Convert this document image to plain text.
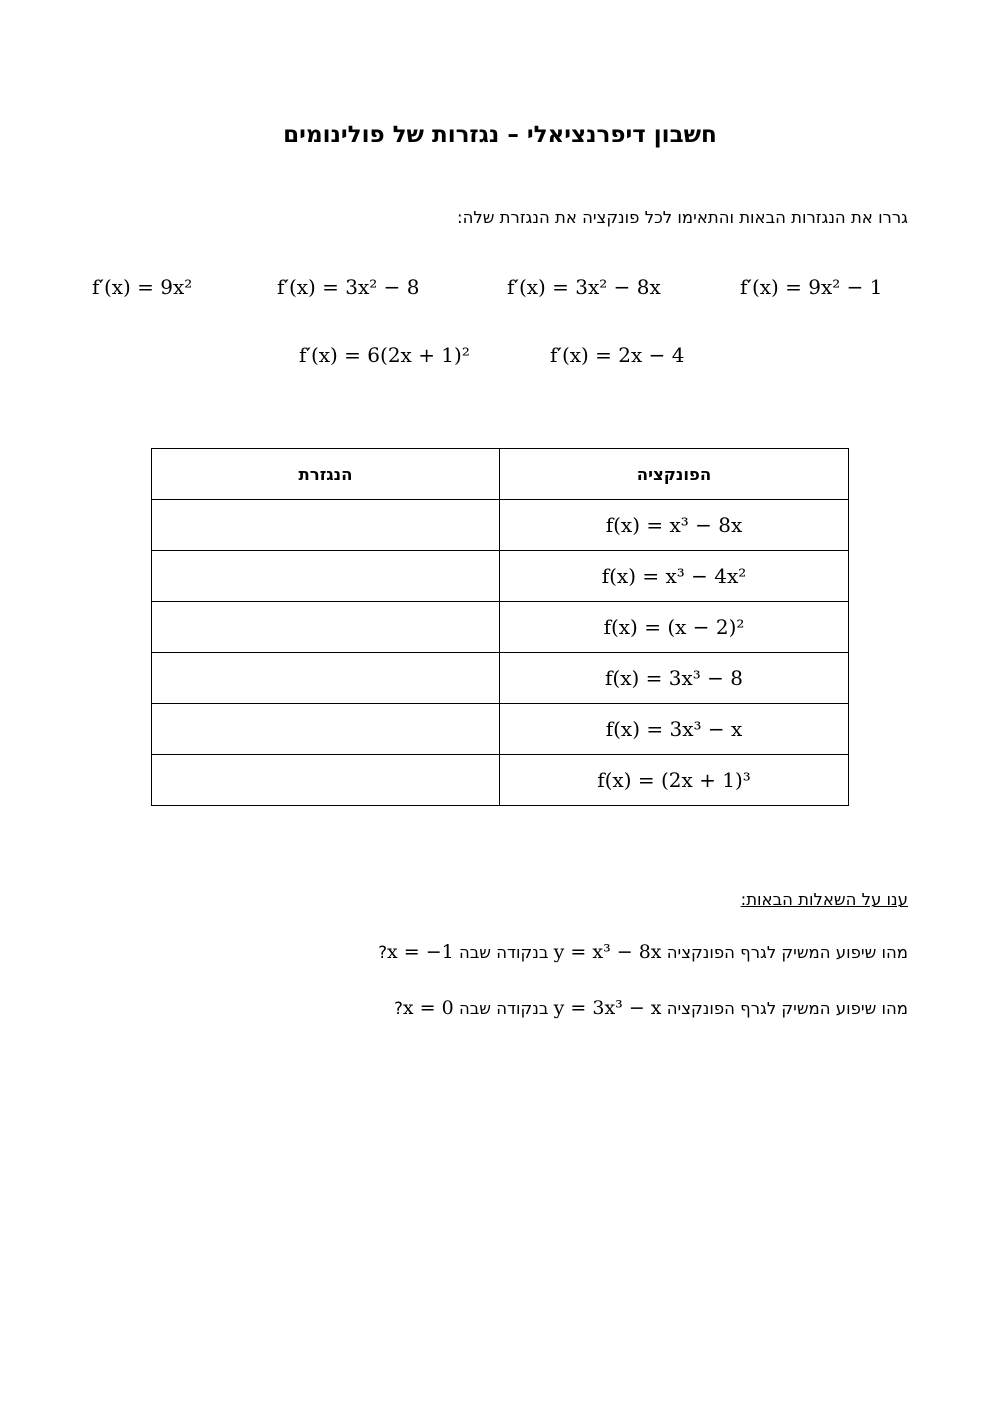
חשבון דיפרנציאלי – נגזרות של פולינומים
גררו את הנגזרות הבאות והתאימו לכל פונקציה את הנגזרת שלה:
f′(x) = 9x²	f′(x) = 3x² − 8	f′(x) = 3x² − 8x	f′(x) = 9x² − 1
f′(x) = 6(2x + 1)²	f′(x) = 2x − 4
הנגזרת	הפונקציה
	f(x) = x³ − 8x
	f(x) = x³ − 4x²
	f(x) = (x − 2)²
	f(x) = 3x³ − 8
	f(x) = 3x³ − x
	f(x) = (2x + 1)³
ענו על השאלות הבאות:
מהו שיפוע המשיק לגרף הפונקציה y = x³ − 8x בנקודה שבה x = −1?
מהו שיפוע המשיק לגרף הפונקציה y = 3x³ − x בנקודה שבה x = 0?
